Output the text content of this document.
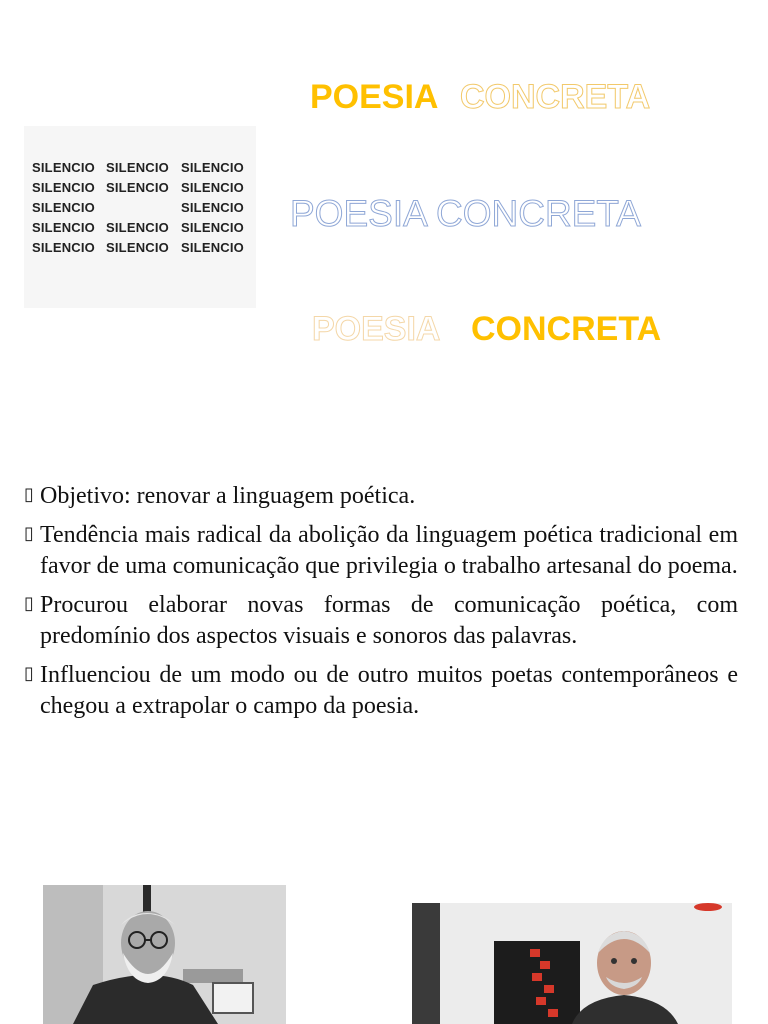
POESIA CONCRETA
SILENCIO SILENCIO SILENCIO
SILENCIO SILENCIO SILENCIO
SILENCIO	SILENCIO
SILENCIO SILENCIO SILENCIO
SILENCIO SILENCIO SILENCIO
POESIA CONCRETA
POESIA CONCRETA
▯ Objetivo: renovar a linguagem poética.
▯ Tendência mais radical da abolição da linguagem poética tradicional em favor de uma comunicação que privilegia o trabalho artesanal do poema.
▯ Procurou elaborar novas formas de comunicação poética, com predomínio dos aspectos visuais e sonoros das palavras.
▯ Influenciou de um modo ou de outro muitos poetas contemporâneos e chegou a extrapolar o campo da poesia.
